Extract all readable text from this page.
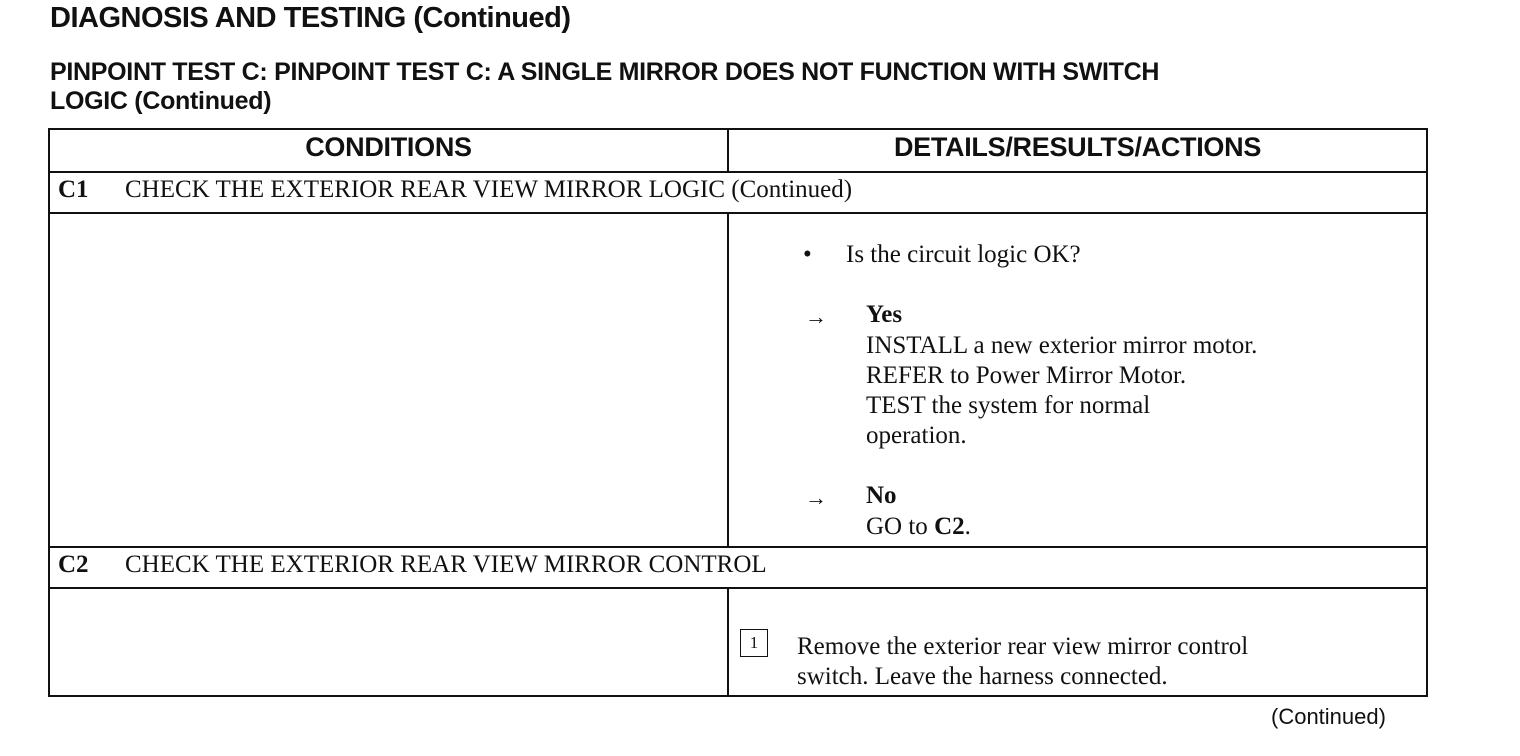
DIAGNOSIS AND TESTING (Continued)
PINPOINT TEST C: PINPOINT TEST C: A SINGLE MIRROR DOES NOT FUNCTION WITH SWITCH
LOGIC (Continued)
CONDITIONS	DETAILS/RESULTS/ACTIONS
C1 CHECK THE EXTERIOR REAR VIEW MIRROR LOGIC (Continued)
• Is the circuit logic OK?
→ Yes
INSTALL a new exterior mirror motor.
REFER to Power Mirror Motor.
TEST the system for normal
operation.
→ No
GO to C2.
C2 CHECK THE EXTERIOR REAR VIEW MIRROR CONTROL
1	Remove the exterior rear view mirror control
switch. Leave the harness connected.
(Continued)
